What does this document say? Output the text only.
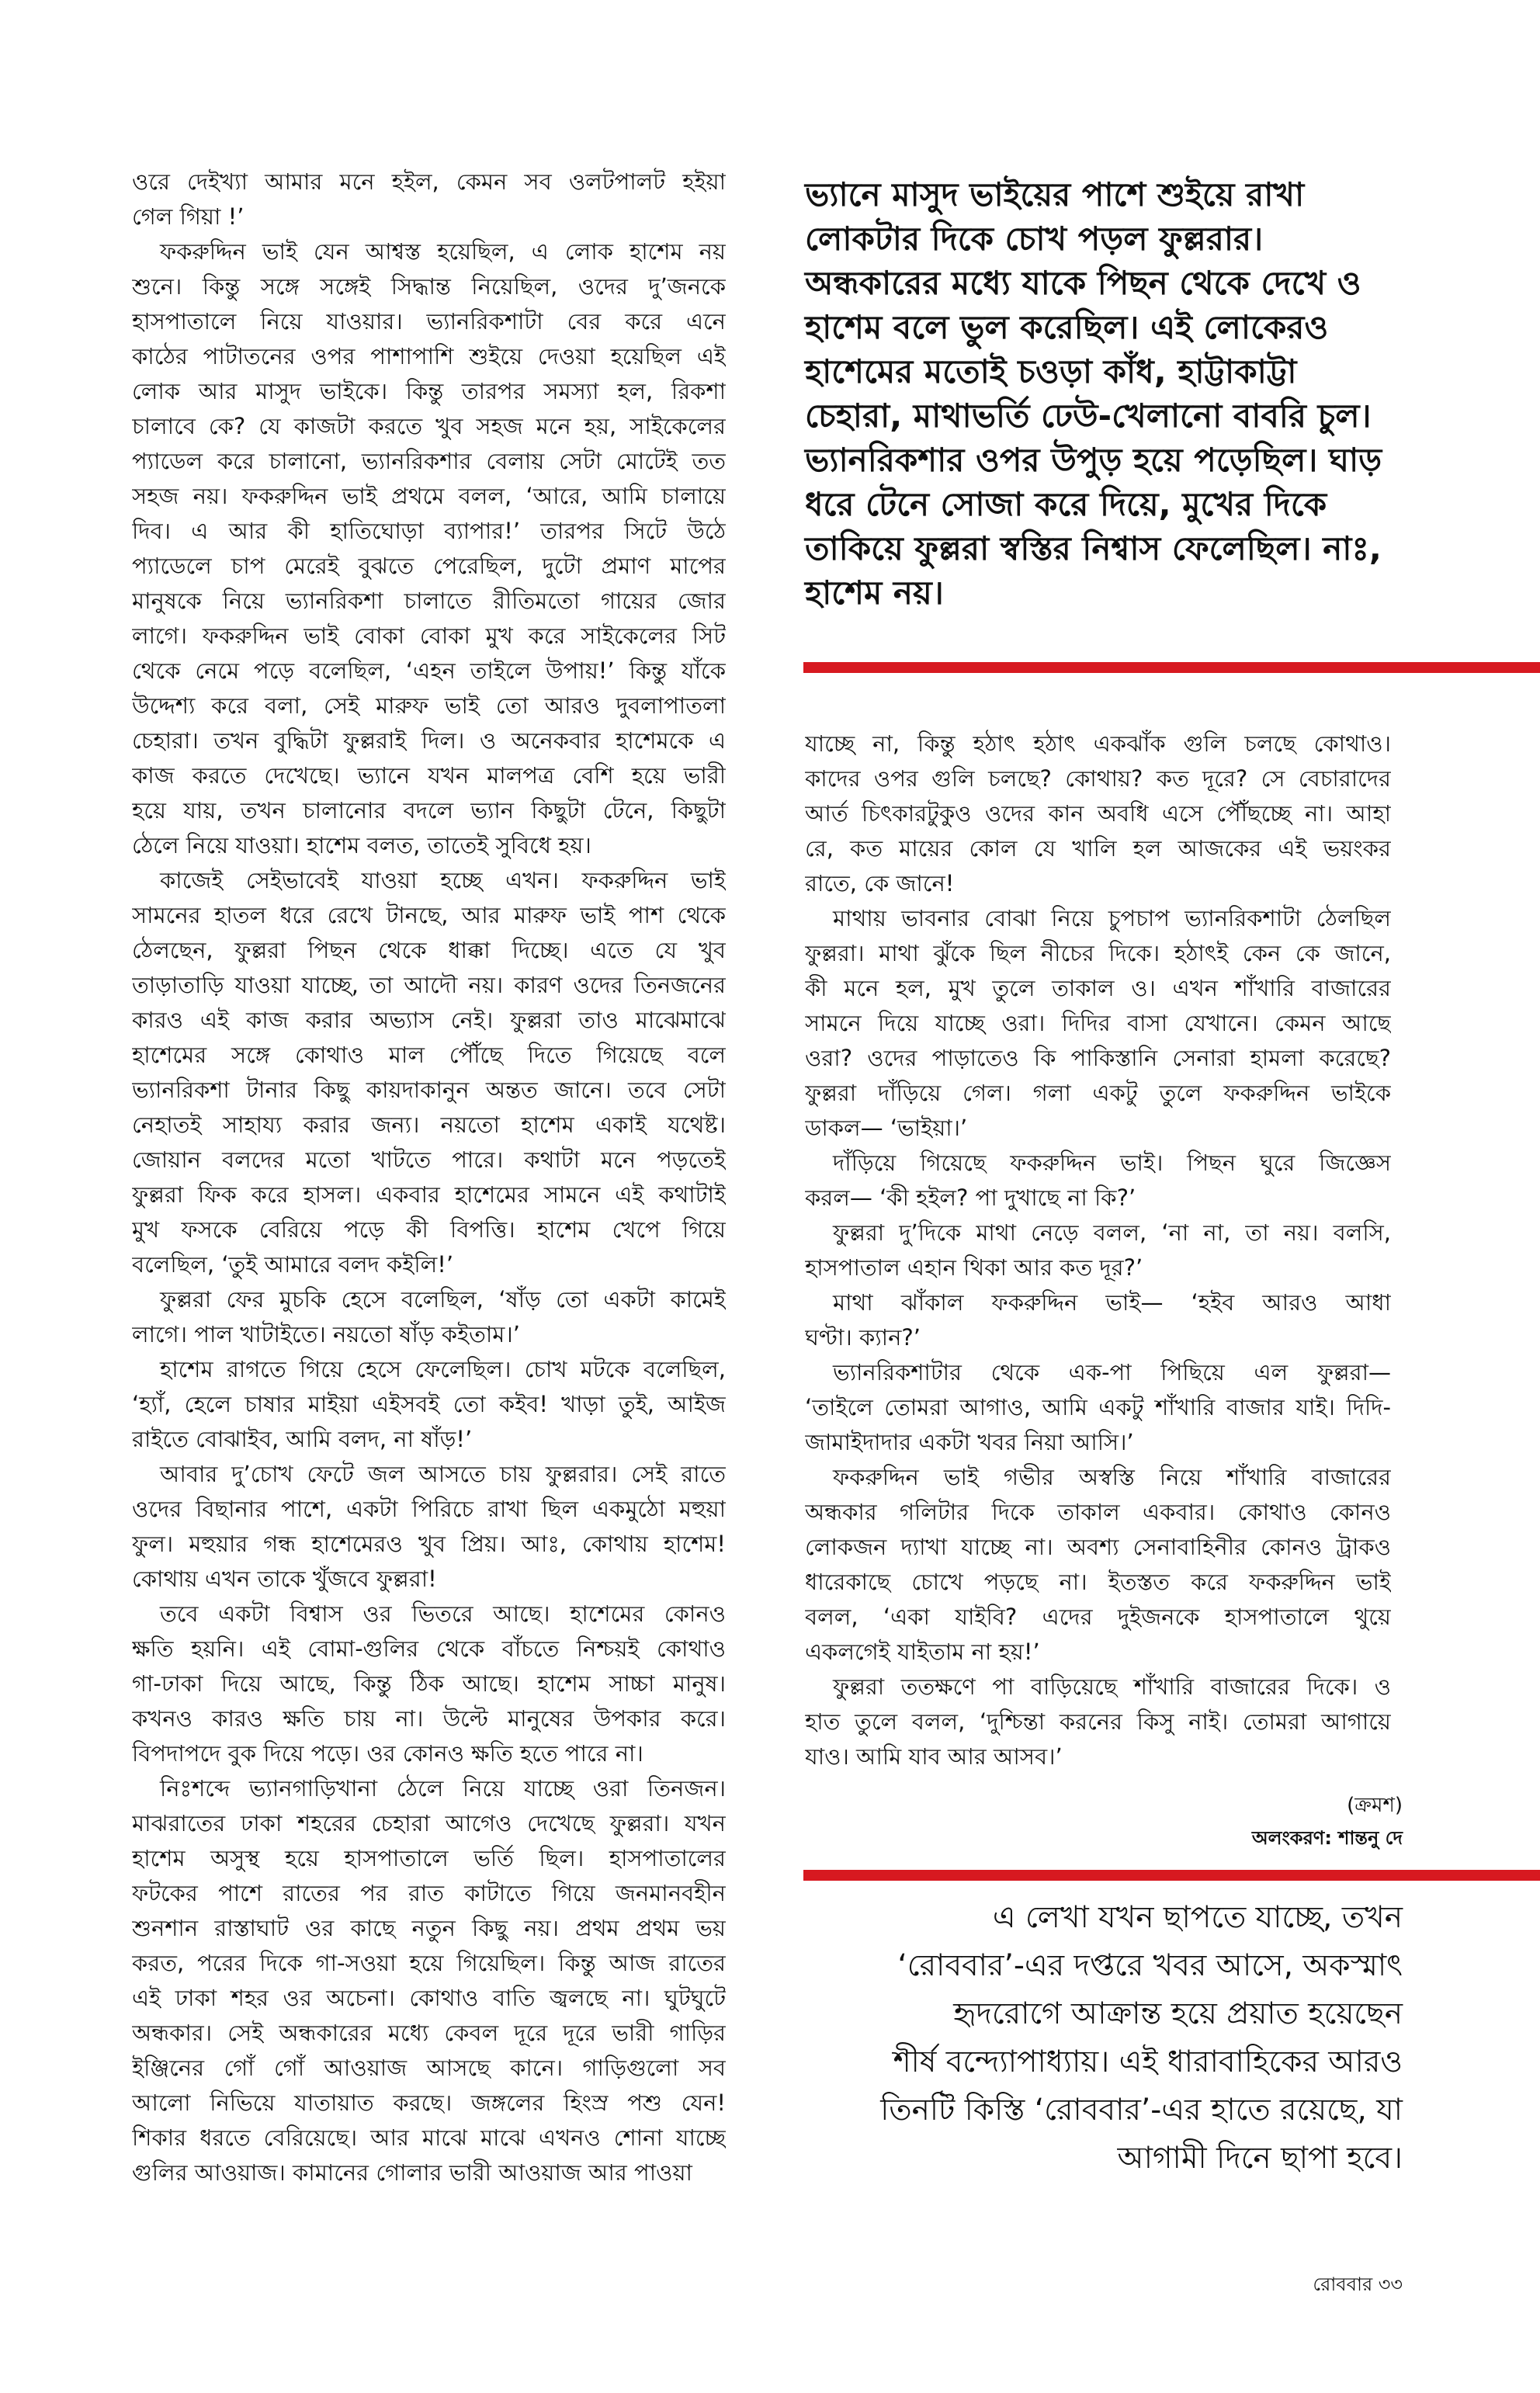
ওরে দেইখ্যা আমার মনে হইল, কেমন সব ওলটপালট হইয়া
গেল গিয়া !’
ফকরুদ্দিন ভাই যেন আশ্বস্ত হয়েছিল, এ লোক হাশেম নয়
শুনে। কিন্তু সঙ্গে সঙ্গেই সিদ্ধান্ত নিয়েছিল, ওদের দু’জনকে
হাসপাতালে নিয়ে যাওয়ার। ভ্যানরিকশাটা বের করে এনে
কাঠের পাটাতনের ওপর পাশাপাশি শুইয়ে দেওয়া হয়েছিল এই
লোক আর মাসুদ ভাইকে। কিন্তু তারপর সমস্যা হল, রিকশা
চালাবে কে? যে কাজটা করতে খুব সহজ মনে হয়, সাইকেলের
প্যাডেল করে চালানো, ভ্যানরিকশার বেলায় সেটা মোটেই তত
সহজ নয়। ফকরুদ্দিন ভাই প্রথমে বলল, ‘আরে, আমি চালায়ে
দিব। এ আর কী হাতিঘোড়া ব্যাপার!’ তারপর সিটে উঠে
প্যাডেলে চাপ মেরেই বুঝতে পেরেছিল, দুটো প্রমাণ মাপের
মানুষকে নিয়ে ভ্যানরিকশা চালাতে রীতিমতো গায়ের জোর
লাগে। ফকরুদ্দিন ভাই বোকা বোকা মুখ করে সাইকেলের সিট
থেকে নেমে পড়ে বলেছিল, ‘এহন তাইলে উপায়!’ কিন্তু যাঁকে
উদ্দেশ্য করে বলা, সেই মারুফ ভাই তো আরও দুবলাপাতলা
চেহারা। তখন বুদ্ধিটা ফুল্লরাই দিল। ও অনেকবার হাশেমকে এ
কাজ করতে দেখেছে। ভ্যানে যখন মালপত্র বেশি হয়ে ভারী
হয়ে যায়, তখন চালানোর বদলে ভ্যান কিছুটা টেনে, কিছুটা
ঠেলে নিয়ে যাওয়া। হাশেম বলত, তাতেই সুবিধে হয়।
কাজেই সেইভাবেই যাওয়া হচ্ছে এখন। ফকরুদ্দিন ভাই
সামনের হাতল ধরে রেখে টানছে, আর মারুফ ভাই পাশ থেকে
ঠেলছেন, ফুল্লরা পিছন থেকে ধাক্কা দিচ্ছে। এতে যে খুব
তাড়াতাড়ি যাওয়া যাচ্ছে, তা আদৌ নয়। কারণ ওদের তিনজনের
কারও এই কাজ করার অভ্যাস নেই। ফুল্লরা তাও মাঝেমাঝে
হাশেমের সঙ্গে কোথাও মাল পৌঁছে দিতে গিয়েছে বলে
ভ্যানরিকশা টানার কিছু কায়দাকানুন অন্তত জানে। তবে সেটা
নেহাতই সাহায্য করার জন্য। নয়তো হাশেম একাই যথেষ্ট।
জোয়ান বলদের মতো খাটতে পারে। কথাটা মনে পড়তেই
ফুল্লরা ফিক করে হাসল। একবার হাশেমের সামনে এই কথাটাই
মুখ ফসকে বেরিয়ে পড়ে কী বিপত্তি। হাশেম খেপে গিয়ে
বলেছিল, ‘তুই আমারে বলদ কইলি!’
ফুল্লরা ফের মুচকি হেসে বলেছিল, ‘ষাঁড় তো একটা কামেই
লাগে। পাল খাটাইতে। নয়তো ষাঁড় কইতাম।’
হাশেম রাগতে গিয়ে হেসে ফেলেছিল। চোখ মটকে বলেছিল,
‘হ্যাঁ, হেলে চাষার মাইয়া এইসবই তো কইব! খাড়া তুই, আইজ
রাইতে বোঝাইব, আমি বলদ, না ষাঁড়!’
আবার দু’চোখ ফেটে জল আসতে চায় ফুল্লরার। সেই রাতে
ওদের বিছানার পাশে, একটা পিরিচে রাখা ছিল একমুঠো মহুয়া
ফুল। মহুয়ার গন্ধ হাশেমেরও খুব প্রিয়। আঃ, কোথায় হাশেম!
কোথায় এখন তাকে খুঁজবে ফুল্লরা!
তবে একটা বিশ্বাস ওর ভিতরে আছে। হাশেমের কোনও
ক্ষতি হয়নি। এই বোমা-গুলির থেকে বাঁচতে নিশ্চয়ই কোথাও
গা-ঢাকা দিয়ে আছে, কিন্তু ঠিক আছে। হাশেম সাচ্চা মানুষ।
কখনও কারও ক্ষতি চায় না। উল্টে মানুষের উপকার করে।
বিপদাপদে বুক দিয়ে পড়ে। ওর কোনও ক্ষতি হতে পারে না।
নিঃশব্দে ভ্যানগাড়িখানা ঠেলে নিয়ে যাচ্ছে ওরা তিনজন।
মাঝরাতের ঢাকা শহরের চেহারা আগেও দেখেছে ফুল্লরা। যখন
হাশেম অসুস্থ হয়ে হাসপাতালে ভর্তি ছিল। হাসপাতালের
ফটকের পাশে রাতের পর রাত কাটাতে গিয়ে জনমানবহীন
শুনশান রাস্তাঘাট ওর কাছে নতুন কিছু নয়। প্রথম প্রথম ভয়
করত, পরের দিকে গা-সওয়া হয়ে গিয়েছিল। কিন্তু আজ রাতের
এই ঢাকা শহর ওর অচেনা। কোথাও বাতি জ্বলছে না। ঘুটঘুটে
অন্ধকার। সেই অন্ধকারের মধ্যে কেবল দূরে দূরে ভারী গাড়ির
ইঞ্জিনের গোঁ গোঁ আওয়াজ আসছে কানে। গাড়িগুলো সব
আলো নিভিয়ে যাতায়াত করছে। জঙ্গলের হিংস্র পশু যেন!
শিকার ধরতে বেরিয়েছে। আর মাঝে মাঝে এখনও শোনা যাচ্ছে
গুলির আওয়াজ। কামানের গোলার ভারী আওয়াজ আর পাওয়া
ভ্যানে মাসুদ ভাইয়ের পাশে শুইয়ে রাখা
লোকটার দিকে চোখ পড়ল ফুল্লরার।
অন্ধকারের মধ্যে যাকে পিছন থেকে দেখে ও
হাশেম বলে ভুল করেছিল। এই লোকেরও
হাশেমের মতোই চওড়া কাঁধ, হাট্টাকাট্টা
চেহারা, মাথাভর্তি ঢেউ-খেলানো বাবরি চুল।
ভ্যানরিকশার ওপর উপুড় হয়ে পড়েছিল। ঘাড়
ধরে টেনে সোজা করে দিয়ে, মুখের দিকে
তাকিয়ে ফুল্লরা স্বস্তির নিশ্বাস ফেলেছিল। নাঃ,
হাশেম নয়।
যাচ্ছে না, কিন্তু হঠাৎ হঠাৎ একঝাঁক গুলি চলছে কোথাও।
কাদের ওপর গুলি চলছে? কোথায়? কত দূরে? সে বেচারাদের
আর্ত চিৎকারটুকুও ওদের কান অবধি এসে পৌঁছচ্ছে না। আহা
রে, কত মায়ের কোল যে খালি হল আজকের এই ভয়ংকর
রাতে, কে জানে!
মাথায় ভাবনার বোঝা নিয়ে চুপচাপ ভ্যানরিকশাটা ঠেলছিল
ফুল্লরা। মাথা ঝুঁকে ছিল নীচের দিকে। হঠাৎই কেন কে জানে,
কী মনে হল, মুখ তুলে তাকাল ও। এখন শাঁখারি বাজারের
সামনে দিয়ে যাচ্ছে ওরা। দিদির বাসা যেখানে। কেমন আছে
ওরা? ওদের পাড়াতেও কি পাকিস্তানি সেনারা হামলা করেছে?
ফুল্লরা দাঁড়িয়ে গেল। গলা একটু তুলে ফকরুদ্দিন ভাইকে
ডাকল— ‘ভাইয়া।’
দাঁড়িয়ে গিয়েছে ফকরুদ্দিন ভাই। পিছন ঘুরে জিজ্ঞেস
করল— ‘কী হইল? পা দুখাছে না কি?’
ফুল্লরা দু’দিকে মাথা নেড়ে বলল, ‘না না, তা নয়। বলসি,
হাসপাতাল এহান থিকা আর কত দূর?’
মাথা ঝাঁকাল ফকরুদ্দিন ভাই— ‘হইব আরও আধা
ঘণ্টা। ক্যান?’
ভ্যানরিকশাটার থেকে এক-পা পিছিয়ে এল ফুল্লরা—
‘তাইলে তোমরা আগাও, আমি একটু শাঁখারি বাজার যাই। দিদি-
জামাইদাদার একটা খবর নিয়া আসি।’
ফকরুদ্দিন ভাই গভীর অস্বস্তি নিয়ে শাঁখারি বাজারের
অন্ধকার গলিটার দিকে তাকাল একবার। কোথাও কোনও
লোকজন দ্যাখা যাচ্ছে না। অবশ্য সেনাবাহিনীর কোনও ট্রাকও
ধারেকাছে চোখে পড়ছে না। ইতস্তত করে ফকরুদ্দিন ভাই
বলল, ‘একা যাইবি? এদের দুইজনকে হাসপাতালে থুয়ে
একলগেই যাইতাম না হয়!’
ফুল্লরা ততক্ষণে পা বাড়িয়েছে শাঁখারি বাজারের দিকে। ও
হাত তুলে বলল, ‘দুশ্চিন্তা করনের কিসু নাই। তোমরা আগায়ে
যাও। আমি যাব আর আসব।’
(ক্রমশ)
অলংকরণ: শান্তনু দে
এ লেখা যখন ছাপতে যাচ্ছে, তখন
‘রোববার’-এর দপ্তরে খবর আসে, অকস্মাৎ
হৃদরোগে আক্রান্ত হয়ে প্রয়াত হয়েছেন
শীর্ষ বন্দ্যোপাধ্যায়। এই ধারাবাহিকের আরও
তিনটি কিস্তি ‘রোববার’-এর হাতে রয়েছে, যা
আগামী দিনে ছাপা হবে।
রোববার ৩৩
